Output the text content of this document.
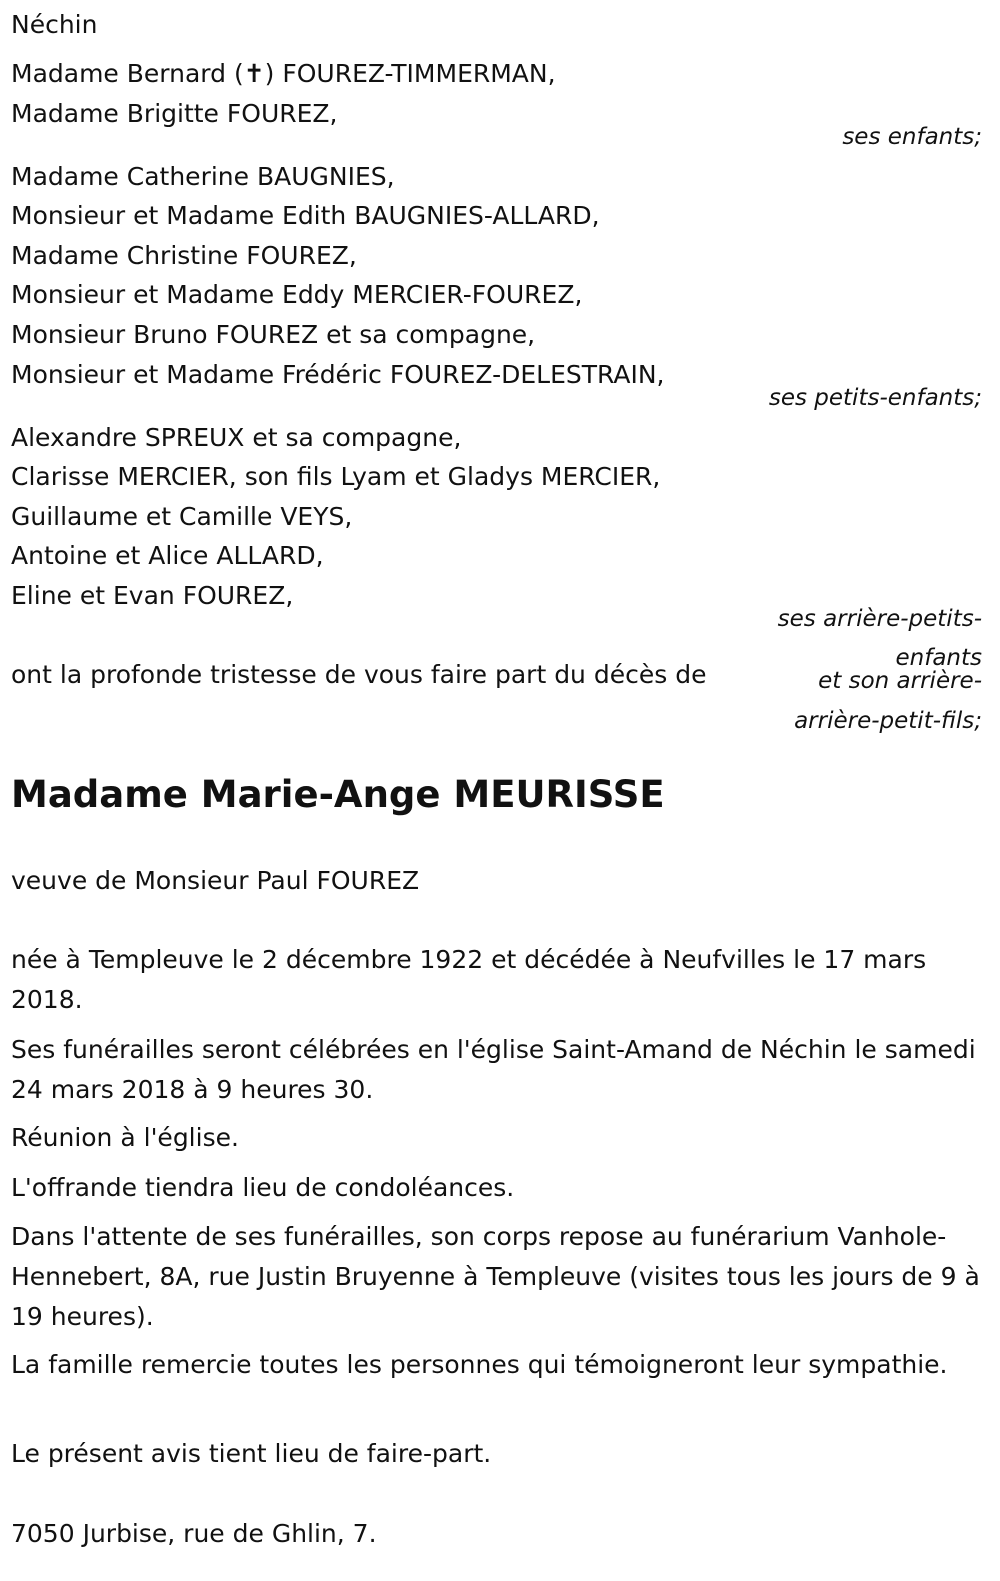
Néchin
Madame Bernard (✝) FOUREZ-TIMMERMAN,
Madame Brigitte FOUREZ,
ses enfants;
Madame Catherine BAUGNIES,
Monsieur et Madame Edith BAUGNIES-ALLARD,
Madame Christine FOUREZ,
Monsieur et Madame Eddy MERCIER-FOUREZ,
Monsieur Bruno FOUREZ et sa compagne,
Monsieur et Madame Frédéric FOUREZ-DELESTRAIN,
ses petits-enfants;
Alexandre SPREUX et sa compagne,
Clarisse MERCIER, son fils Lyam et Gladys MERCIER,
Guillaume et Camille VEYS,
Antoine et Alice ALLARD,
Eline et Evan FOUREZ,
ses arrière-petits-
enfants
et son arrière-
arrière-petit-fils;
ont la profonde tristesse de vous faire part du décès de
Madame Marie-Ange MEURISSE
veuve de Monsieur Paul FOUREZ
née à Templeuve le 2 décembre 1922 et décédée à Neufvilles le 17 mars 2018.
Ses funérailles seront célébrées en l'église Saint-Amand de Néchin le samedi 24 mars 2018 à 9 heures 30.
Réunion à l'église.
L'offrande tiendra lieu de condoléances.
Dans l'attente de ses funérailles, son corps repose au funérarium Vanhole-Hennebert, 8A, rue Justin Bruyenne à Templeuve (visites tous les jours de 9 à 19 heures).
La famille remercie toutes les personnes qui témoigneront leur sympathie.
Le présent avis tient lieu de faire-part.
7050 Jurbise, rue de Ghlin, 7.
